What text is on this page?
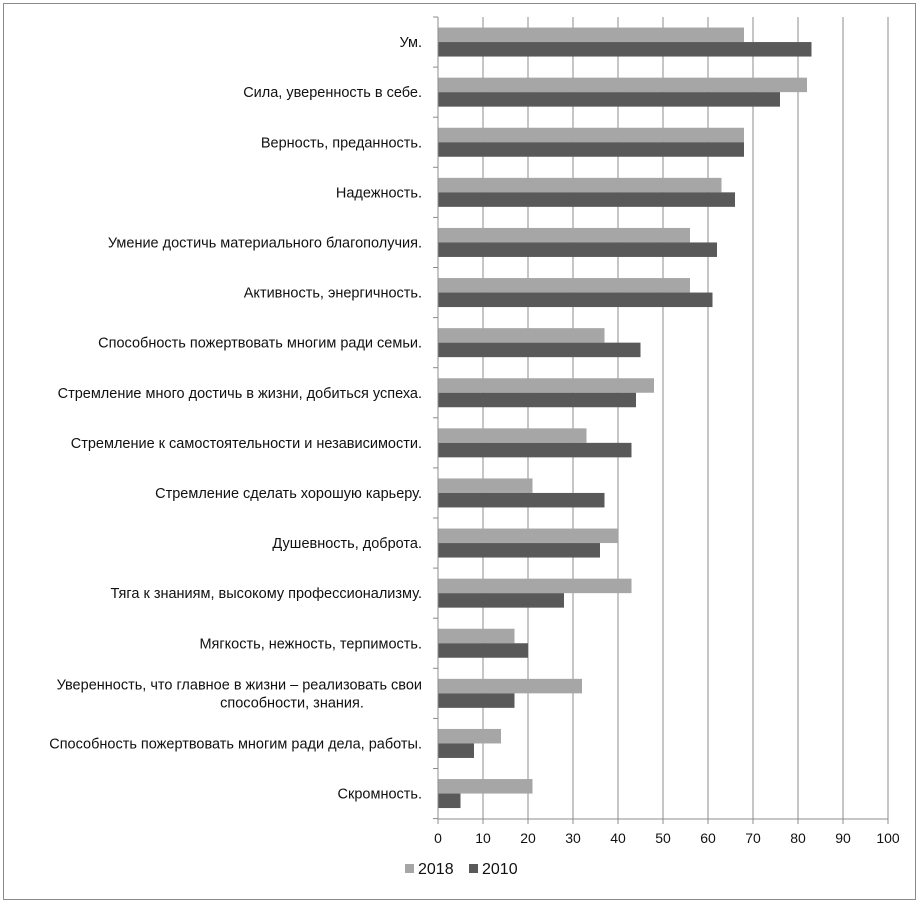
Ум.
Сила, уверенность в себе.
Верность, преданность.
Надежность.
Умение достичь материального благополучия.
Активность, энергичность.
Способность пожертвовать многим ради семьи.
Стремление много достичь в жизни, добиться успеха.
Стремление к самостоятельности и независимости.
Стремление сделать хорошую карьеру.
Душевность, доброта.
Тяга к знаниям, высокому профессионализму.
Мягкость, нежность, терпимость.
Уверенность, что главное в жизни – реализовать свои способности, знания.
Способность пожертвовать многим ради дела, работы.
Скромность.
0 10 20 30 40 50 60 70 80 90 100
2018 2010
